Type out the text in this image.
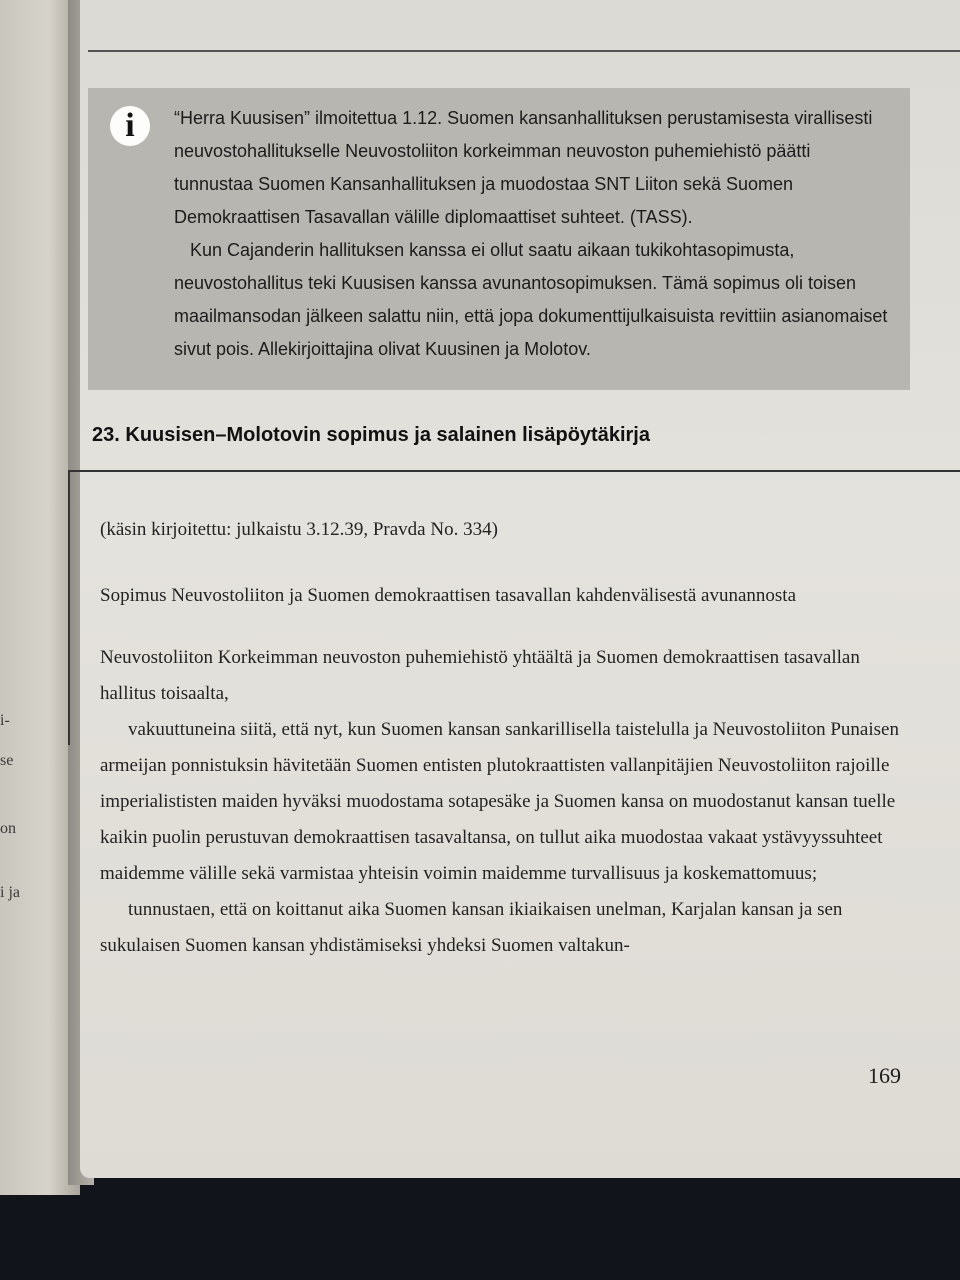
i-
se
on
i ja
i	“Herra Kuusisen” ilmoitettua 1.12. Suomen kansanhallituksen perustamisesta virallisesti neuvostohallitukselle Neuvostoliiton korkeimman neuvoston puhemiehistö päätti tunnustaa Suomen Kansanhallituksen ja muodostaa SNT Liiton sekä Suomen Demokraattisen Tasavallan välille diplomaattiset suhteet. (TASS).

Kun Cajanderin hallituksen kanssa ei ollut saatu aikaan tukikohtasopimusta, neuvostohallitus teki Kuusisen kanssa avunantosopimuksen. Tämä sopimus oli toisen maailmansodan jälkeen salattu niin, että jopa dokumenttijulkaisuista revittiin asianomaiset sivut pois. Allekirjoittajina olivat Kuusinen ja Molotov.

23. Kuusisen–Molotovin sopimus ja salainen lisäpöytäkirja

(käsin kirjoitettu: julkaistu 3.12.39, Pravda No. 334)

Sopimus Neuvostoliiton ja Suomen demokraattisen tasavallan kahdenvälisestä avunannosta

Neuvostoliiton Korkeimman neuvoston puhemiehistö yhtäältä ja Suomen demokraattisen tasavallan hallitus toisaalta,

vakuuttuneina siitä, että nyt, kun Suomen kansan sankarillisella taistelulla ja Neuvostoliiton Punaisen armeijan ponnistuksin hävitetään Suomen entisten plutokraattisten vallanpitäjien Neuvostoliiton rajoille imperialististen maiden hyväksi muodostama sotapesäke ja Suomen kansa on muodostanut kansan tuelle kaikin puolin perustuvan demokraattisen tasavaltansa, on tullut aika muodostaa vakaat ystävyyssuhteet maidemme välille sekä varmistaa yhteisin voimin maidemme turvallisuus ja koskemattomuus;

tunnustaen, että on koittanut aika Suomen kansan ikiaikaisen unelman, Karjalan kansan ja sen sukulaisen Suomen kansan yhdistämiseksi yhdeksi Suomen valtakun-

169
